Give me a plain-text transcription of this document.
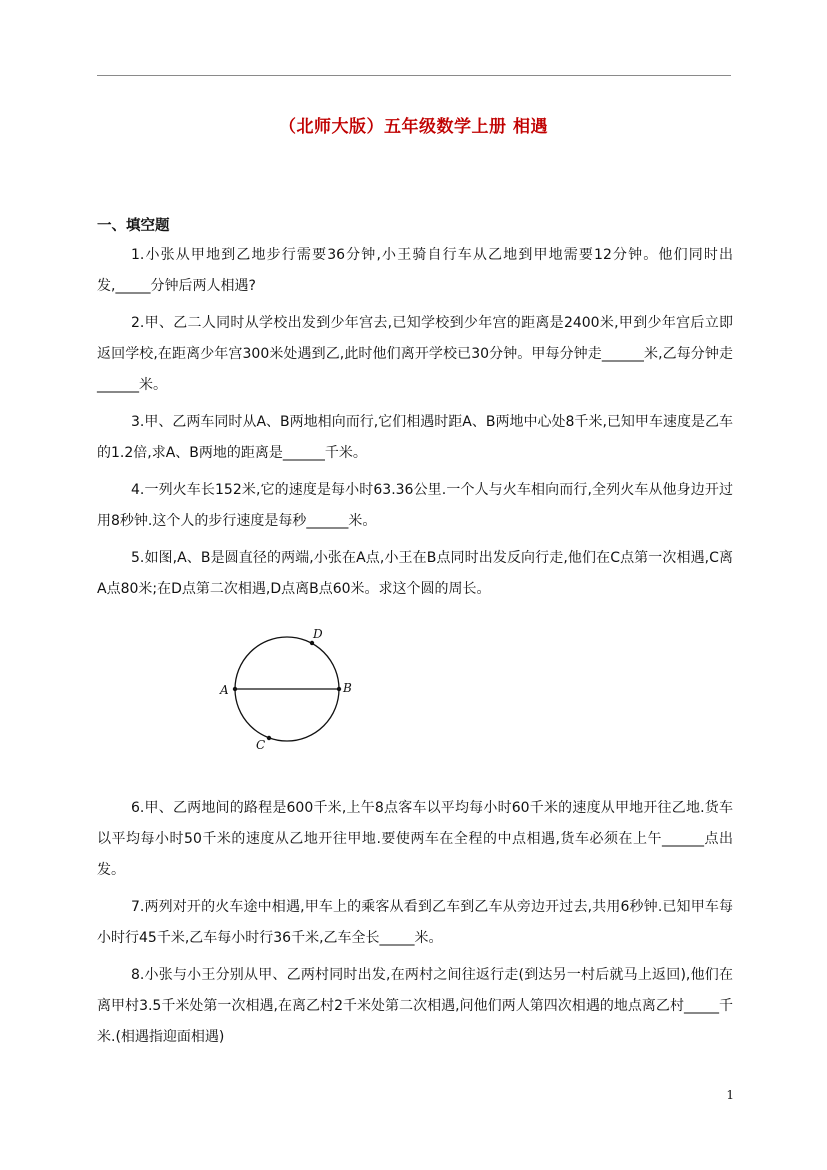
（北师大版）五年级数学上册 相遇
一、填空题

1.小张从甲地到乙地步行需要36分钟,小王骑自行车从乙地到甲地需要12分钟。他们同时出发,_____分钟后两人相遇?

2.甲、乙二人同时从学校出发到少年宫去,已知学校到少年宫的距离是2400米,甲到少年宫后立即返回学校,在距离少年宫300米处遇到乙,此时他们离开学校已30分钟。甲每分钟走______米,乙每分钟走______米。

3.甲、乙两车同时从A、B两地相向而行,它们相遇时距A、B两地中心处8千米,已知甲车速度是乙车的1.2倍,求A、B两地的距离是______千米。

4.一列火车长152米,它的速度是每小时63.36公里.一个人与火车相向而行,全列火车从他身边开过用8秒钟.这个人的步行速度是每秒______米。

5.如图,A、B是圆直径的两端,小张在A点,小王在B点同时出发反向行走,他们在C点第一次相遇,C离A点80米;在D点第二次相遇,D点离B点60米。求这个圆的周长。

6.甲、乙两地间的路程是600千米,上午8点客车以平均每小时60千米的速度从甲地开往乙地.货车以平均每小时50千米的速度从乙地开往甲地.要使两车在全程的中点相遇,货车必须在上午______点出发。

7.两列对开的火车途中相遇,甲车上的乘客从看到乙车到乙车从旁边开过去,共用6秒钟.已知甲车每小时行45千米,乙车每小时行36千米,乙车全长_____米。

8.小张与小王分别从甲、乙两村同时出发,在两村之间往返行走(到达另一村后就马上返回),他们在离甲村3.5千米处第一次相遇,在离乙村2千米处第二次相遇,问他们两人第四次相遇的地点离乙村_____千米.(相遇指迎面相遇)

A	B
C
D
1
